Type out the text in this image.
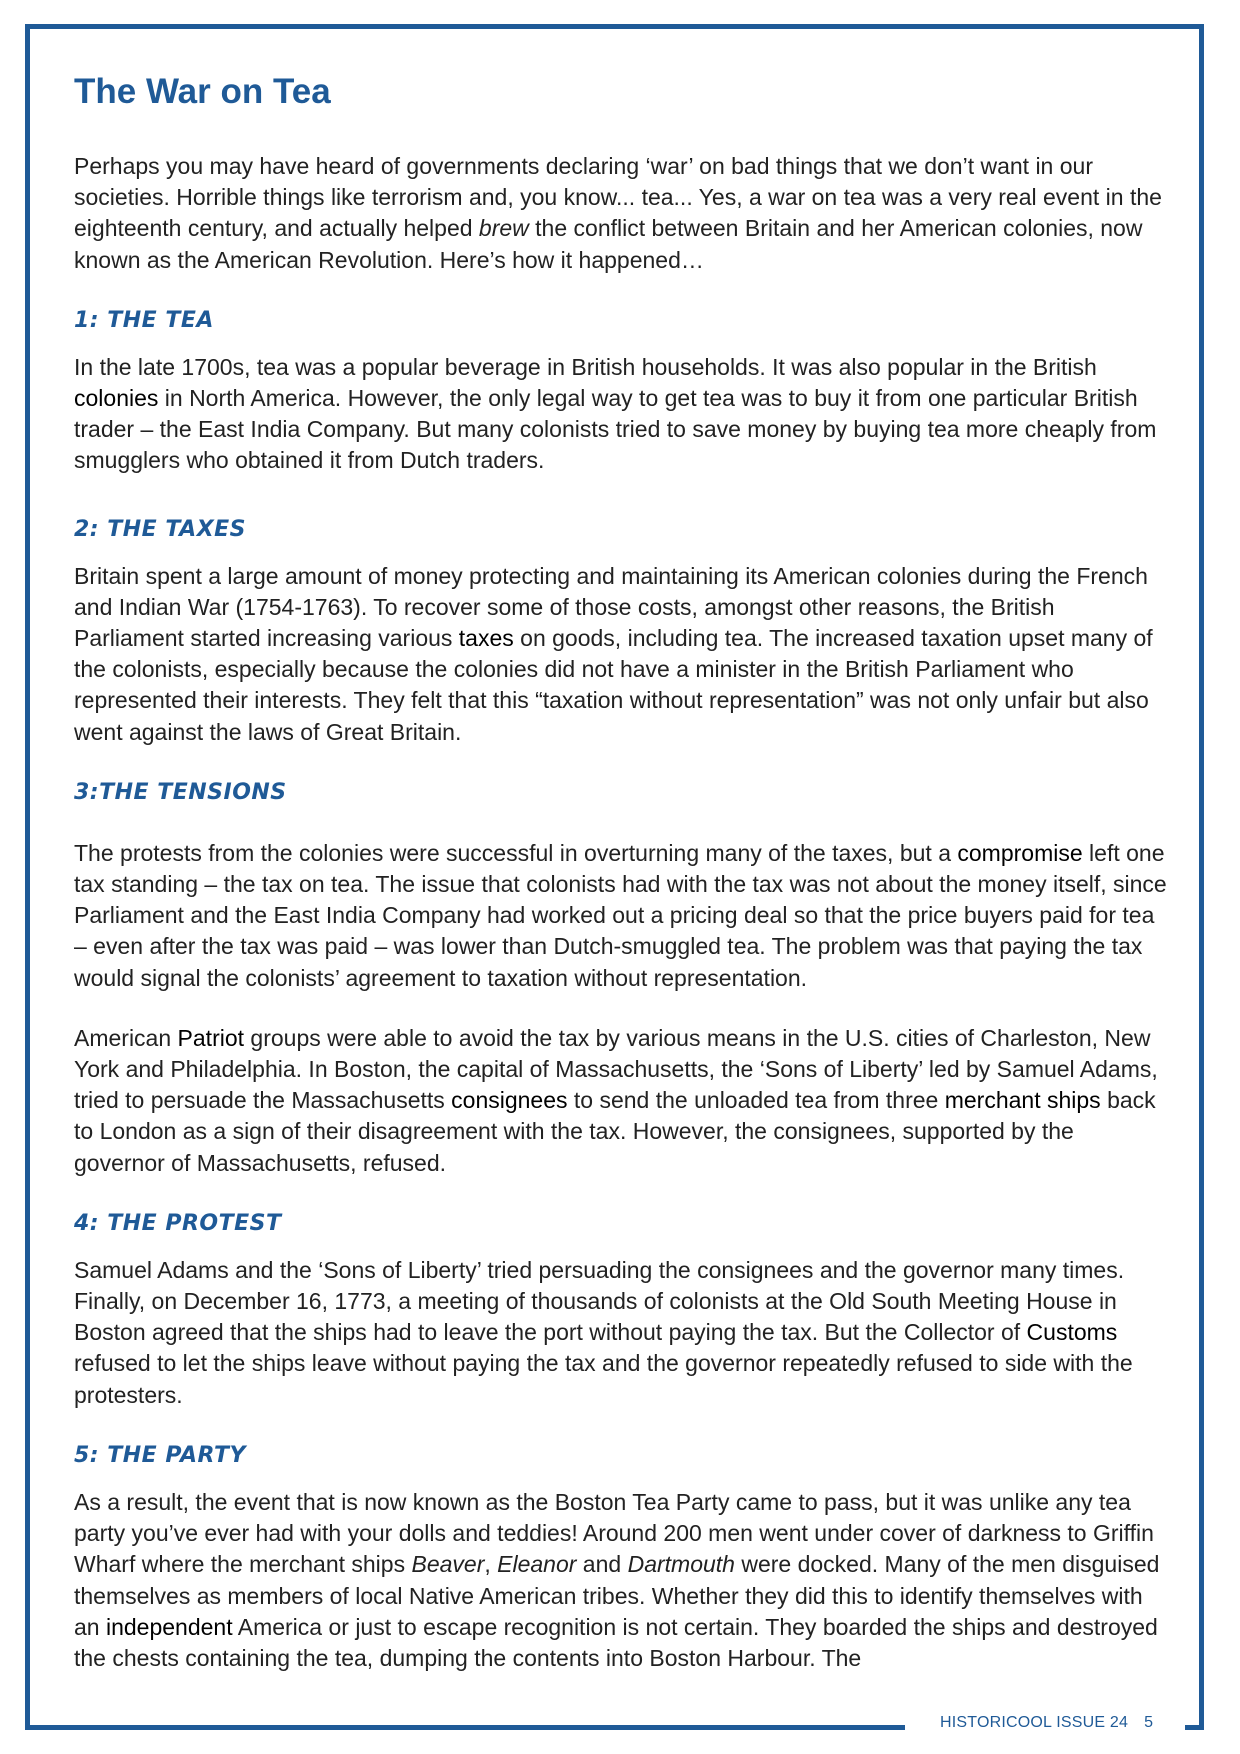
The War on Tea

Perhaps you may have heard of governments declaring ‘war’ on bad things that we don’t want in our societies. Horrible things like terrorism and, you know... tea... Yes, a war on tea was a very real event in the eighteenth century, and actually helped brew the conflict between Britain and her American colonies, now known as the American Revolution. Here’s how it happened…

1: THE TEA

In the late 1700s, tea was a popular beverage in British households. It was also popular in the British colonies in North America. However, the only legal way to get tea was to buy it from one particular British trader – the East India Company. But many colonists tried to save money by buying tea more cheaply from smugglers who obtained it from Dutch traders.

2: THE TAXES

Britain spent a large amount of money protecting and maintaining its American colonies during the French and Indian War (1754-1763). To recover some of those costs, amongst other reasons, the British Parliament started increasing various taxes on goods, including tea. The increased taxation upset many of the colonists, especially because the colonies did not have a minister in the British Parliament who represented their interests. They felt that this “taxation without representation” was not only unfair but also went against the laws of Great Britain.

3:THE TENSIONS

The protests from the colonies were successful in overturning many of the taxes, but a compromise left one tax standing – the tax on tea. The issue that colonists had with the tax was not about the money itself, since Parliament and the East India Company had worked out a pricing deal so that the price buyers paid for tea – even after the tax was paid – was lower than Dutch-smuggled tea. The problem was that paying the tax would signal the colonists’ agreement to taxation without representation.

American Patriot groups were able to avoid the tax by various means in the U.S. cities of Charleston, New York and Philadelphia. In Boston, the capital of Massachusetts, the ‘Sons of Liberty’ led by Samuel Adams, tried to persuade the Massachusetts consignees to send the unloaded tea from three merchant ships back to London as a sign of their disagreement with the tax. However, the consignees, supported by the governor of Massachusetts, refused.

4: THE PROTEST

Samuel Adams and the ‘Sons of Liberty’ tried persuading the consignees and the governor many times. Finally, on December 16, 1773, a meeting of thousands of colonists at the Old South Meeting House in Boston agreed that the ships had to leave the port without paying the tax. But the Collector of Customs refused to let the ships leave without paying the tax and the governor repeatedly refused to side with the protesters.

5: THE PARTY

As a result, the event that is now known as the Boston Tea Party came to pass, but it was unlike any tea party you’ve ever had with your dolls and teddies! Around 200 men went under cover of darkness to Griffin Wharf where the merchant ships Beaver, Eleanor and Dartmouth were docked. Many of the men disguised themselves as members of local Native American tribes. Whether they did this to identify themselves with an independent America or just to escape recognition is not certain. They boarded the ships and destroyed the chests containing the tea, dumping the contents into Boston Harbour. The

HISTORICOOL ISSUE 24 5
